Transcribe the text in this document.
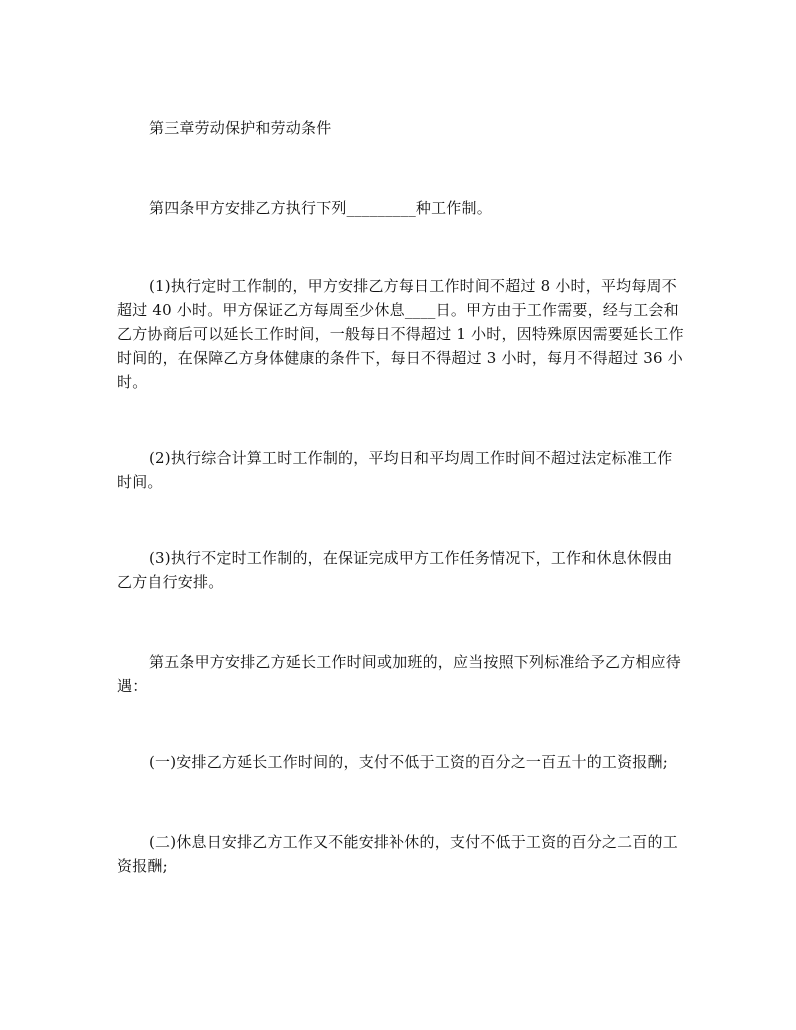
第三章劳动保护和劳动条件
第四条甲方安排乙方执行下列_________种工作制。
(1)执行定时工作制的，甲方安排乙方每日工作时间不超过 8 小时，平均每周不超过 40 小时。甲方保证乙方每周至少休息____日。甲方由于工作需要，经与工会和乙方协商后可以延长工作时间，一般每日不得超过 1 小时，因特殊原因需要延长工作时间的，在保障乙方身体健康的条件下，每日不得超过 3 小时，每月不得超过 36 小时。
(2)执行综合计算工时工作制的，平均日和平均周工作时间不超过法定标准工作时间。
(3)执行不定时工作制的，在保证完成甲方工作任务情况下，工作和休息休假由乙方自行安排。
第五条甲方安排乙方延长工作时间或加班的，应当按照下列标准给予乙方相应待遇：
(一)安排乙方延长工作时间的，支付不低于工资的百分之一百五十的工资报酬;
(二)休息日安排乙方工作又不能安排补休的，支付不低于工资的百分之二百的工资报酬;
